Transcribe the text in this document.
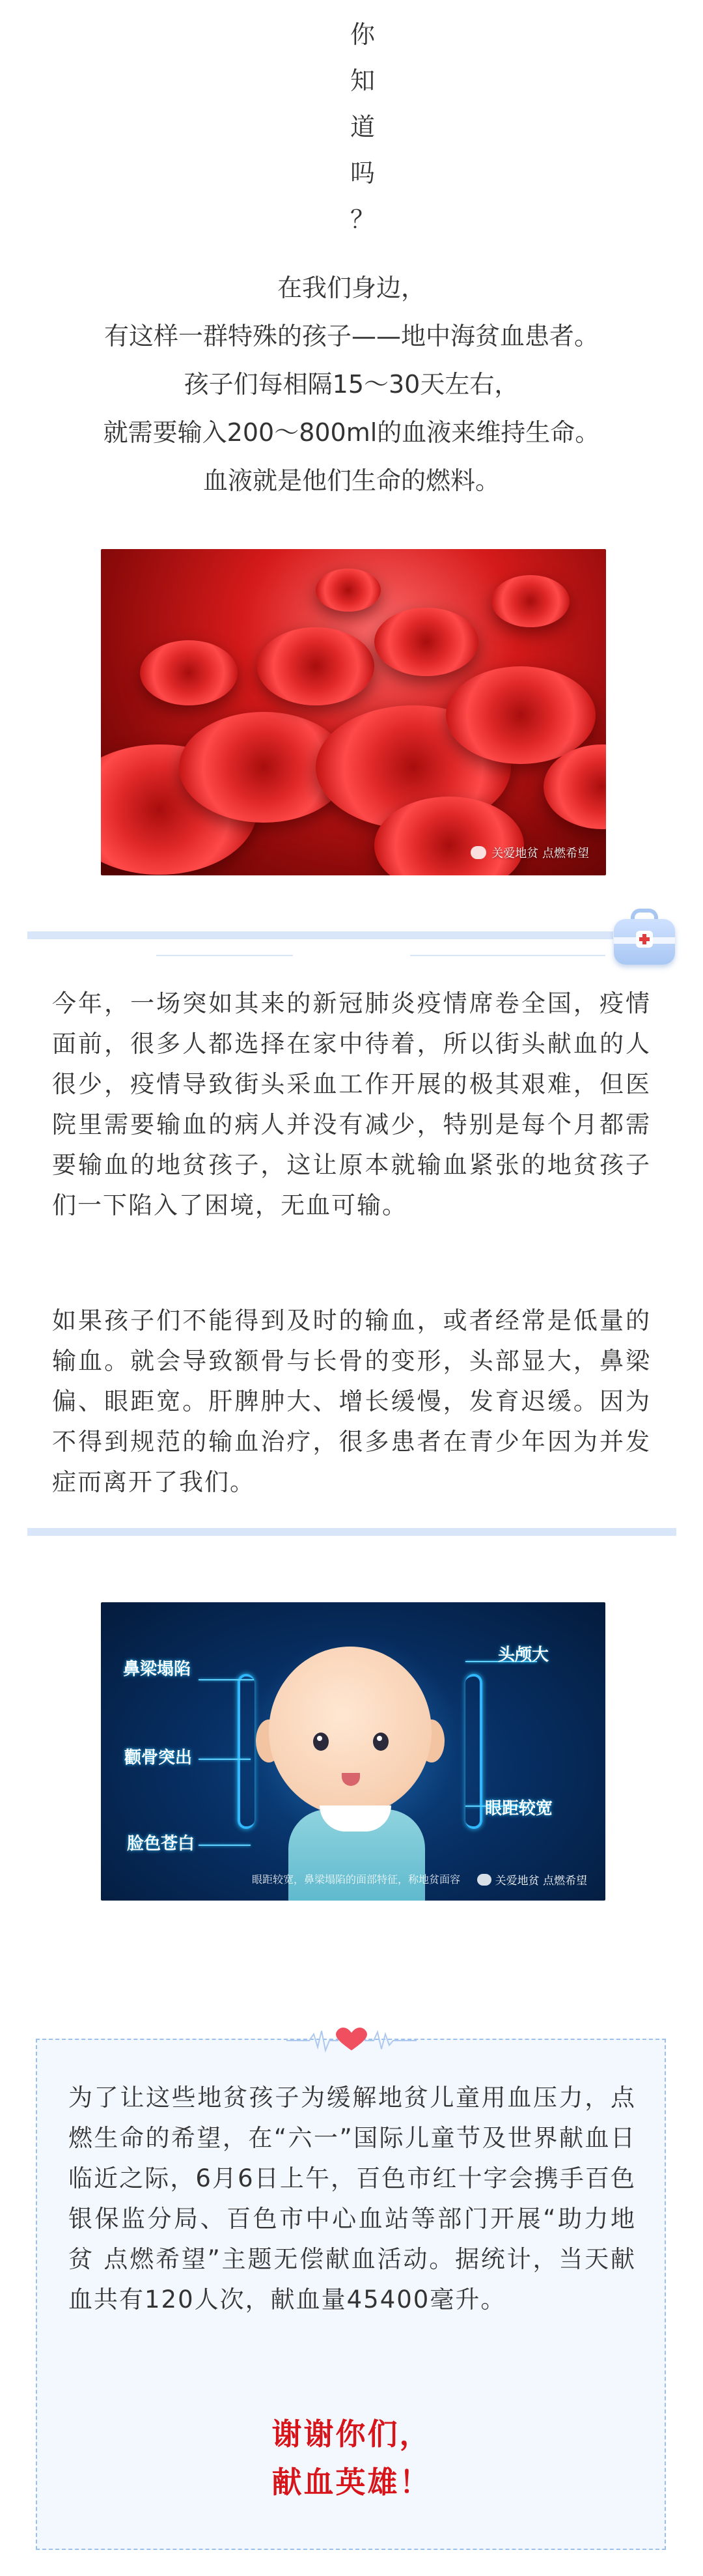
你
知
道
吗
？
在我们身边，
有这样一群特殊的孩子——地中海贫血患者。
孩子们每相隔15～30天左右，
就需要输入200～800ml的血液来维持生命。
血液就是他们生命的燃料。
关爱地贫 点燃希望
今年，一场突如其来的新冠肺炎疫情席卷全国，疫情面前，很多人都选择在家中待着，所以街头献血的人很少，疫情导致街头采血工作开展的极其艰难，但医院里需要输血的病人并没有减少，特别是每个月都需要输血的地贫孩子，这让原本就输血紧张的地贫孩子们一下陷入了困境，无血可输。
如果孩子们不能得到及时的输血，或者经常是低量的输血。就会导致额骨与长骨的变形，头部显大，鼻梁偏、眼距宽。肝脾肿大、增长缓慢，发育迟缓。因为不得到规范的输血治疗，很多患者在青少年因为并发症而离开了我们。
鼻梁塌陷
头颅大
颧骨突出
眼距较宽
脸色苍白
眼距较宽，鼻梁塌陷的面部特征，称地贫面容	关爱地贫 点燃希望
为了让这些地贫孩子为缓解地贫儿童用血压力，点燃生命的希望，在“六一”国际儿童节及世界献血日临近之际，6月6日上午，百色市红十字会携手百色银保监分局、百色市中心血站等部门开展“助力地贫 点燃希望”主题无偿献血活动。据统计，当天献血共有120人次，献血量45400毫升。
谢谢你们，
献血英雄！
